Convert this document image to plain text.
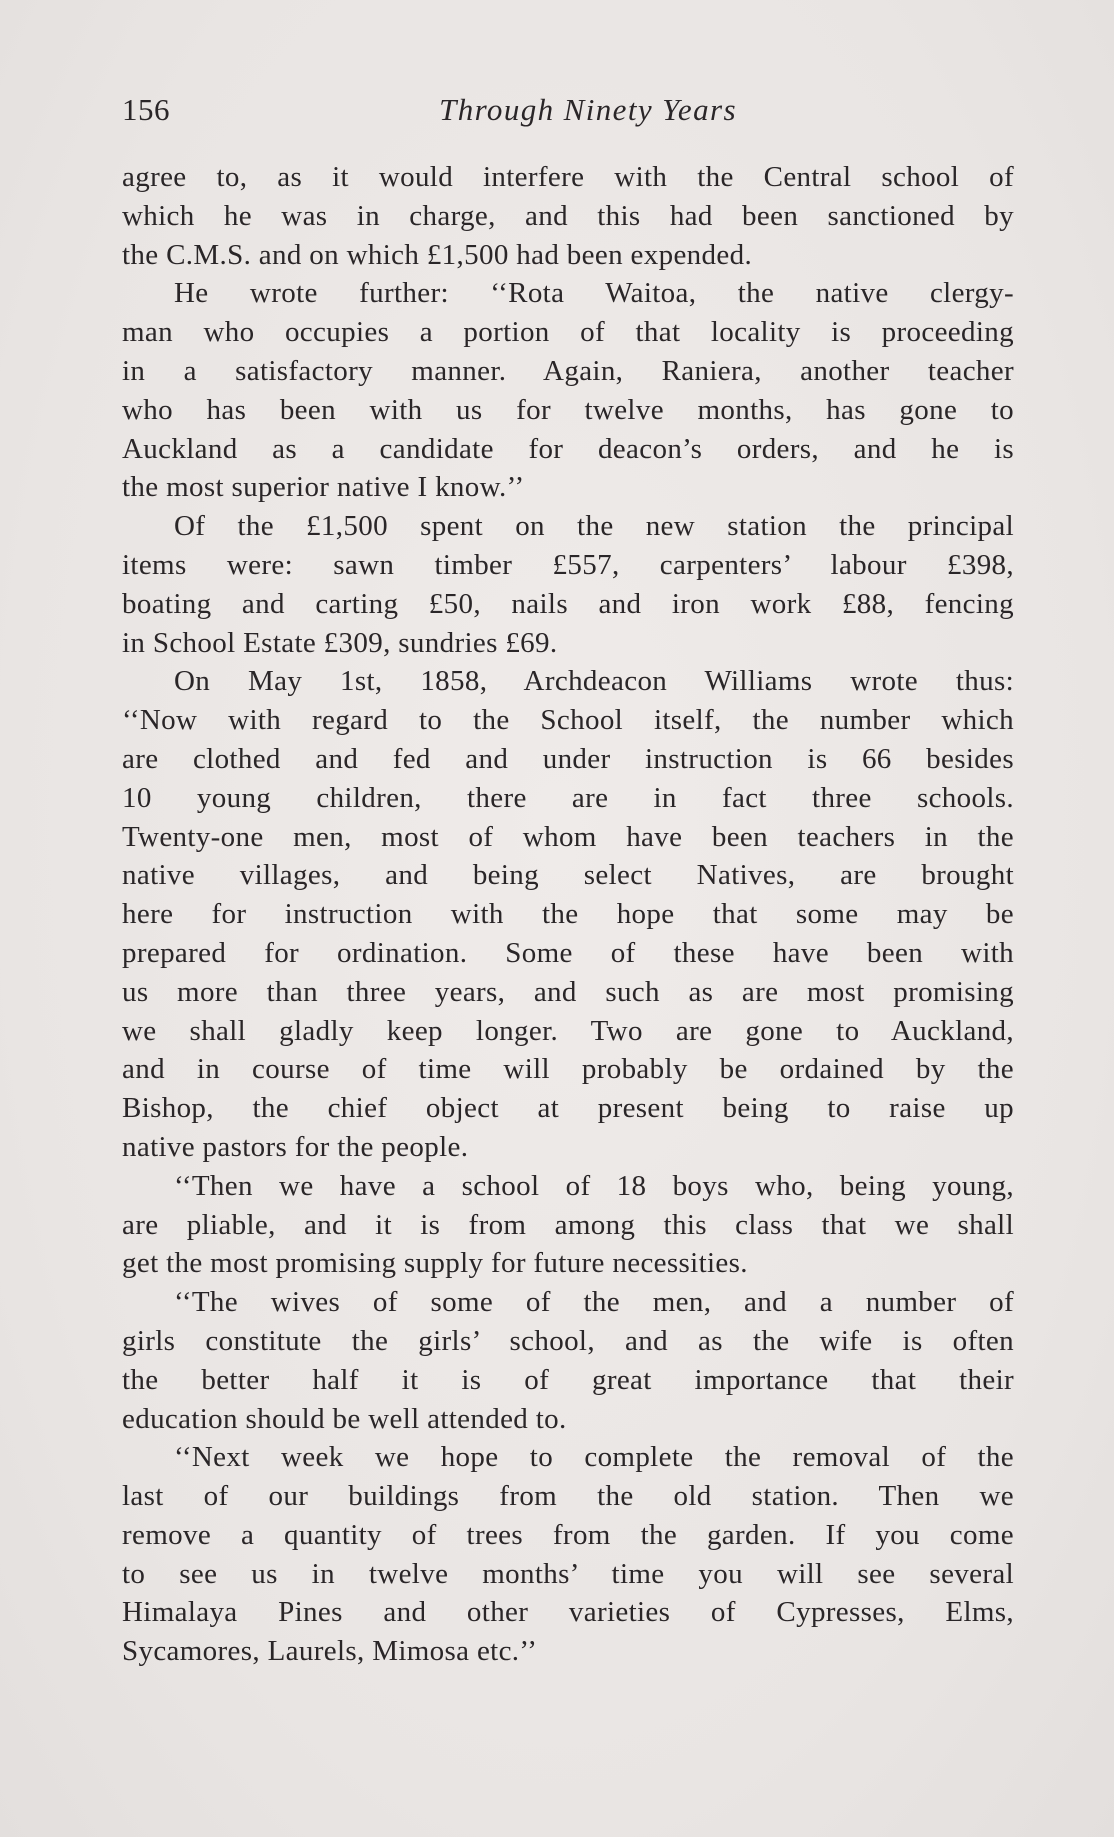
156	Through Ninety Years
agree to, as it would interfere with the Central school of
which he was in charge, and this had been sanctioned by
the C.M.S. and on which £1,500 had been expended.
He wrote further: ‘‘Rota Waitoa, the native clergy-
man who occupies a portion of that locality is proceeding
in a satisfactory manner. Again, Raniera, another teacher
who has been with us for twelve months, has gone to
Auckland as a candidate for deacon’s orders, and he is
the most superior native I know.’’
Of the £1,500 spent on the new station the principal
items were: sawn timber £557, carpenters’ labour £398,
boating and carting £50, nails and iron work £88, fencing
in School Estate £309, sundries £69.
On May 1st, 1858, Archdeacon Williams wrote thus:
‘‘Now with regard to the School itself, the number which
are clothed and fed and under instruction is 66 besides
10 young children, there are in fact three schools.
Twenty-one men, most of whom have been teachers in the
native villages, and being select Natives, are brought
here for instruction with the hope that some may be
prepared for ordination. Some of these have been with
us more than three years, and such as are most promising
we shall gladly keep longer. Two are gone to Auckland,
and in course of time will probably be ordained by the
Bishop, the chief object at present being to raise up
native pastors for the people.
‘‘Then we have a school of 18 boys who, being young,
are pliable, and it is from among this class that we shall
get the most promising supply for future necessities.
‘‘The wives of some of the men, and a number of
girls constitute the girls’ school, and as the wife is often
the better half it is of great importance that their
education should be well attended to.
‘‘Next week we hope to complete the removal of the
last of our buildings from the old station. Then we
remove a quantity of trees from the garden. If you come
to see us in twelve months’ time you will see several
Himalaya Pines and other varieties of Cypresses, Elms,
Sycamores, Laurels, Mimosa etc.’’
